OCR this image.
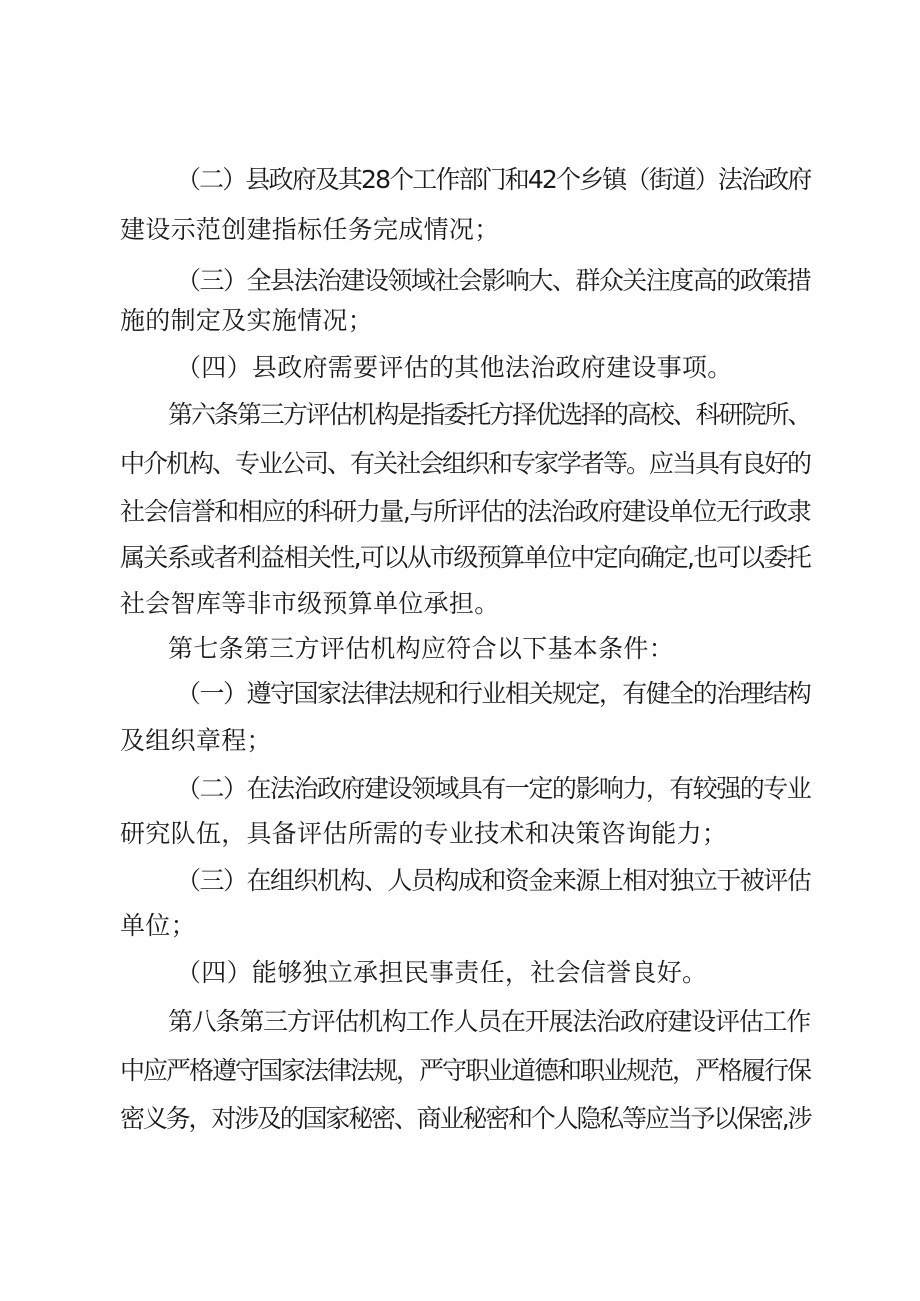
（二）县政府及其28个工作部门和42个乡镇（街道）法治政府
建设示范创建指标任务完成情况；
（三）全县法治建设领域社会影响大、群众关注度高的政策措
施的制定及实施情况；
（四）县政府需要评估的其他法治政府建设事项。
第六条第三方评估机构是指委托方择优选择的高校、科研院所、
中介机构、专业公司、有关社会组织和专家学者等。应当具有良好的
社会信誉和相应的科研力量,与所评估的法治政府建设单位无行政隶
属关系或者利益相关性,可以从市级预算单位中定向确定,也可以委托
社会智库等非市级预算单位承担。
第七条第三方评估机构应符合以下基本条件：
（一）遵守国家法律法规和行业相关规定，有健全的治理结构
及组织章程；
（二）在法治政府建设领域具有一定的影响力，有较强的专业
研究队伍，具备评估所需的专业技术和决策咨询能力；
（三）在组织机构、人员构成和资金来源上相对独立于被评估
单位；
（四）能够独立承担民事责任，社会信誉良好。
第八条第三方评估机构工作人员在开展法治政府建设评估工作
中应严格遵守国家法律法规，严守职业道德和职业规范，严格履行保
密义务，对涉及的国家秘密、商业秘密和个人隐私等应当予以保密,涉
